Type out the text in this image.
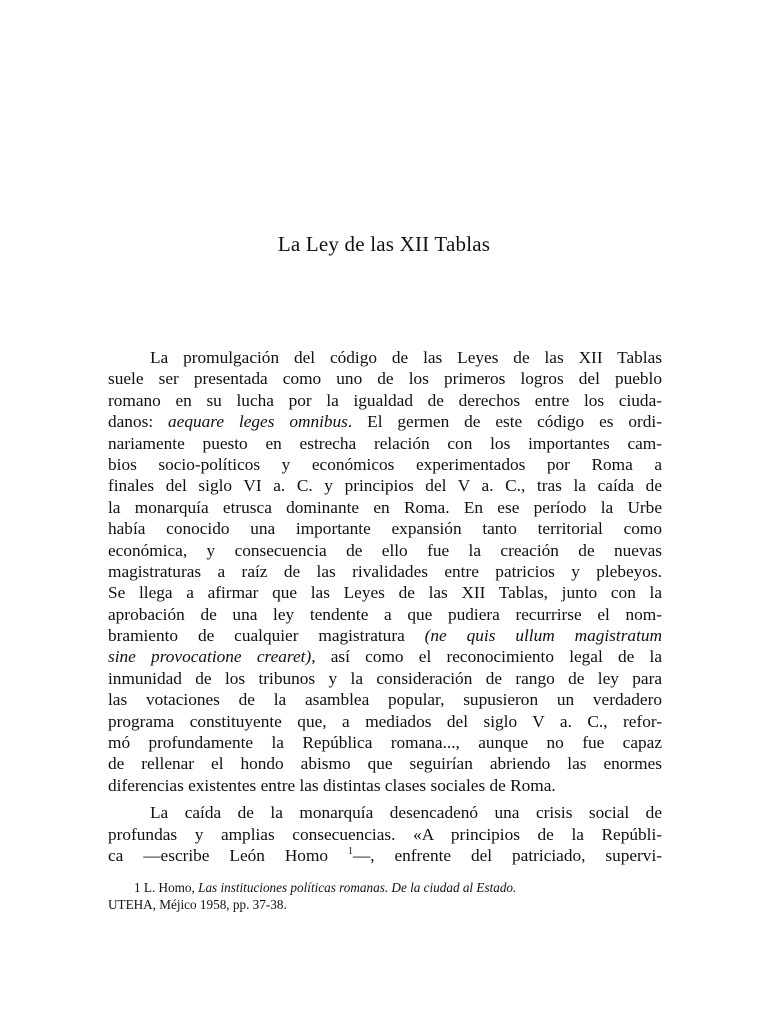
La Ley de las XII Tablas
La promulgación del código de las Leyes de las XII Tablas
suele ser presentada como uno de los primeros logros del pueblo
romano en su lucha por la igualdad de derechos entre los ciuda-
danos: aequare leges omnibus. El germen de este código es ordi-
nariamente puesto en estrecha relación con los importantes cam-
bios socio-políticos y económicos experimentados por Roma a
finales del siglo VI a. C. y principios del V a. C., tras la caída de
la monarquía etrusca dominante en Roma. En ese período la Urbe
había conocido una importante expansión tanto territorial como
económica, y consecuencia de ello fue la creación de nuevas
magistraturas a raíz de las rivalidades entre patricios y plebeyos.
Se llega a afirmar que las Leyes de las XII Tablas, junto con la
aprobación de una ley tendente a que pudiera recurrirse el nom-
bramiento de cualquier magistratura (ne quis ullum magistratum
sine provocatione crearet), así como el reconocimiento legal de la
inmunidad de los tribunos y la consideración de rango de ley para
las votaciones de la asamblea popular, supusieron un verdadero
programa constituyente que, a mediados del siglo V a. C., refor-
mó profundamente la República romana..., aunque no fue capaz
de rellenar el hondo abismo que seguirían abriendo las enormes
diferencias existentes entre las distintas clases sociales de Roma.
La caída de la monarquía desencadenó una crisis social de
profundas y amplias consecuencias. «A principios de la Repúbli-
ca —escribe León Homo $^1$—, enfrente del patriciado, supervi-
1 L. Homo, Las instituciones políticas romanas. De la ciudad al Estado.
UTEHA, Méjico 1958, pp. 37-38.
